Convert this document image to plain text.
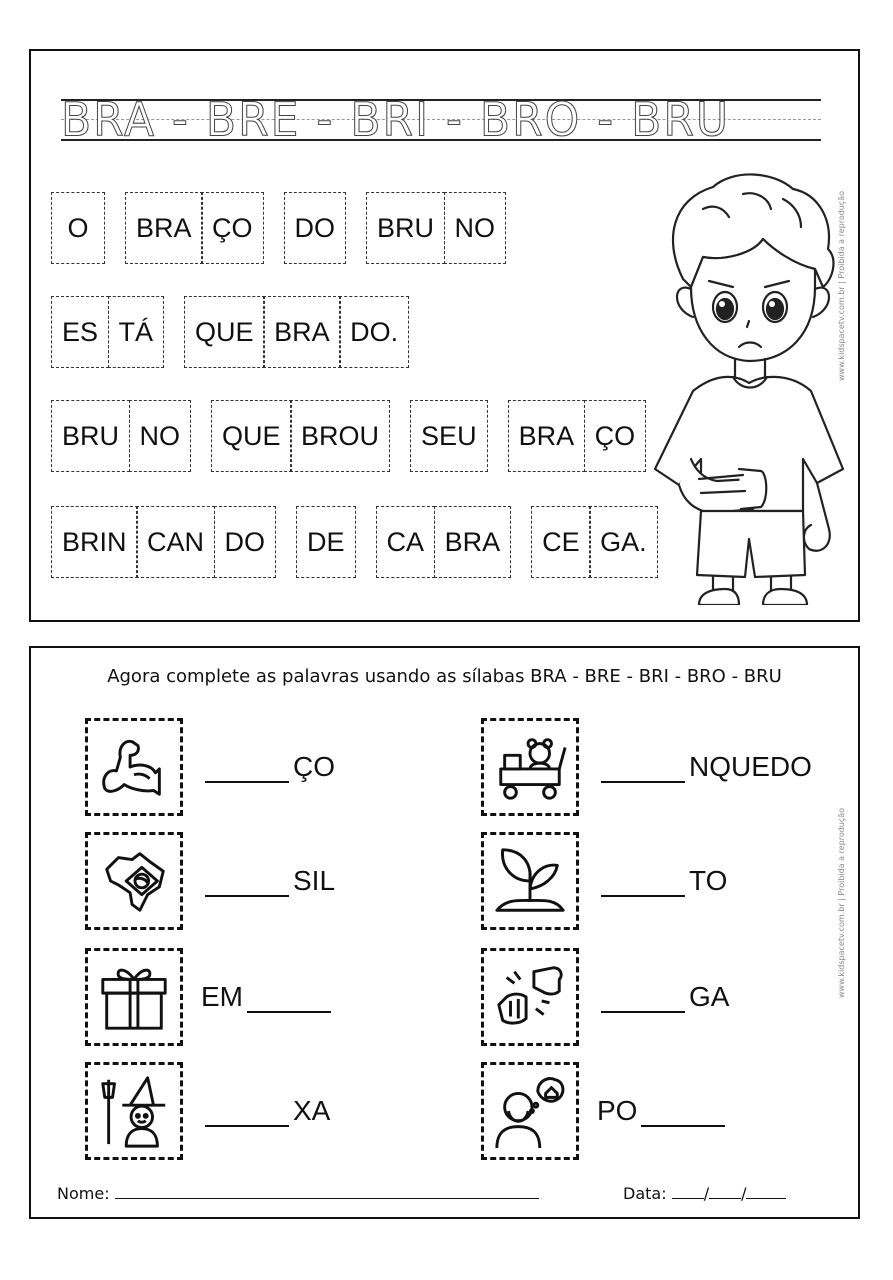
BRA - BRE - BRI - BRO - BRU
O	BRA ÇO	DO	BRU NO
ES TÁ	QUE BRA DO.
BRU NO	QUE BROU	SEU	BRA ÇO
BRIN CAN DO	DE	CA BRA	CE GA.
www.kidspacetv.com.br | Proibida a reprodução
Agora complete as palavras usando as sílabas BRA - BRE - BRI - BRO - BRU
ÇO
SIL
EM
XA
NQUEDO
TO
GA
PO
www.kidspacetv.com.br | Proibida a reprodução
Nome:	Data: / /
